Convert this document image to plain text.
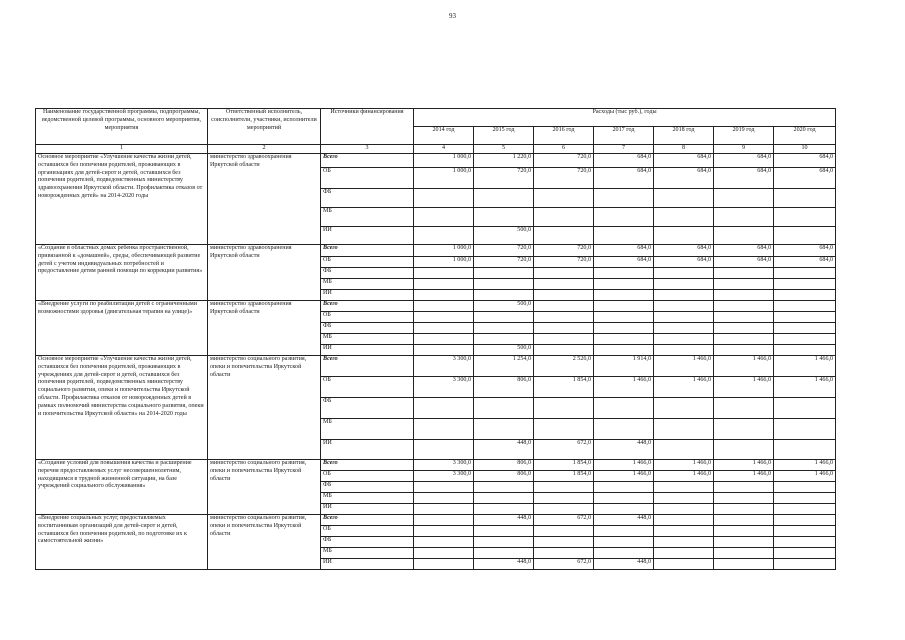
93
Наименование государственной программы, подпрограммы, ведомственной целевой программы, основного мероприятия, мероприятия	Ответственный исполнитель, соисполнители, участники, исполнители мероприятий	Источники финансирования	Расходы (тыс руб.), годы						
			2014 год	2015 год	2016 год	2017 год	2018 год	2019 год	2020 год
1	2	3	4	5	6	7	8	9	10
Основное мероприятие «Улучшение качества жизни детей, оставшихся без попечения родителей, проживающих в организациях для детей-сирот и детей, оставшихся без попечения родителей, подведомственных министерству здравоохранения Иркутской области. Профилактика отказов от новорожденных детей» на 2014-2020 годы	министерство здравоохранения Иркутской области	Всего	1 000,0	1 220,0	720,0	684,0	684,0	684,0	684,0
		ОБ	1 000,0	720,0	720,0	684,0	684,0	684,0	684,0
		ФБ							
		МБ							
		ИИ		500,0					
«Создание в областных домах ребенка пространственной, привязанной к «домашней», среды, обеспечивающей развитие детей с учетом индивидуальных потребностей и предоставление детям ранней помощи по коррекции развития»	министерство здравоохранения Иркутской области	Всего	1 000,0	720,0	720,0	684,0	684,0	684,0	684,0
		ОБ	1 000,0	720,0	720,0	684,0	684,0	684,0	684,0
		ФБ							
		МБ							
		ИИ							
«Внедрение услуги по реабилитации детей с ограниченными возможностями здоровья (двигательная терапия на улице)»	министерство здравоохранения Иркутской области	Всего		500,0					
		ОБ							
		ФБ							
		МБ							
		ИИ		500,0					
Основное мероприятие «Улучшение качества жизни детей, оставшихся без попечения родителей, проживающих в учреждениях для детей-сирот и детей, оставшихся без попечения родителей, подведомственных министерству социального развития, опеки и попечительства Иркутской области. Профилактика отказов от новорожденных детей в рамках полномочий министерства социального развития, опеки и попечительства Иркутской области» на 2014-2020 годы	министерство социального развития, опеки и попечительства Иркутской области	Всего	3 300,0	1 254,0	2 526,0	1 914,0	1 466,0	1 466,0	1 466,0
		ОБ	3 300,0	806,0	1 854,0	1 466,0	1 466,0	1 466,0	1 466,0
		ФБ							
		МБ							
		ИИ		448,0	672,0	448,0			
«Создание условий для повышения качества и расширение перечня предоставляемых услуг несовершеннолетним, находящимся в трудной жизненной ситуации, на базе учреждений социального обслуживания»	министерство социального развития, опеки и попечительства Иркутской области	Всего	3 300,0	806,0	1 854,0	1 466,0	1 466,0	1 466,0	1 466,0
		ОБ	3 300,0	806,0	1 854,0	1 466,0	1 466,0	1 466,0	1 466,0
		ФБ							
		МБ							
		ИИ							
«Внедрение социальных услуг, предоставляемых воспитанникам организаций для детей-сирот и детей, оставшихся без попечения родителей, по подготовке их к самостоятельной жизни»	министерство социального развития, опеки и попечительства Иркутской области	Всего		448,0	672,0	448,0			
		ОБ							
		ФБ							
		МБ							
		ИИ		448,0	672,0	448,0			
